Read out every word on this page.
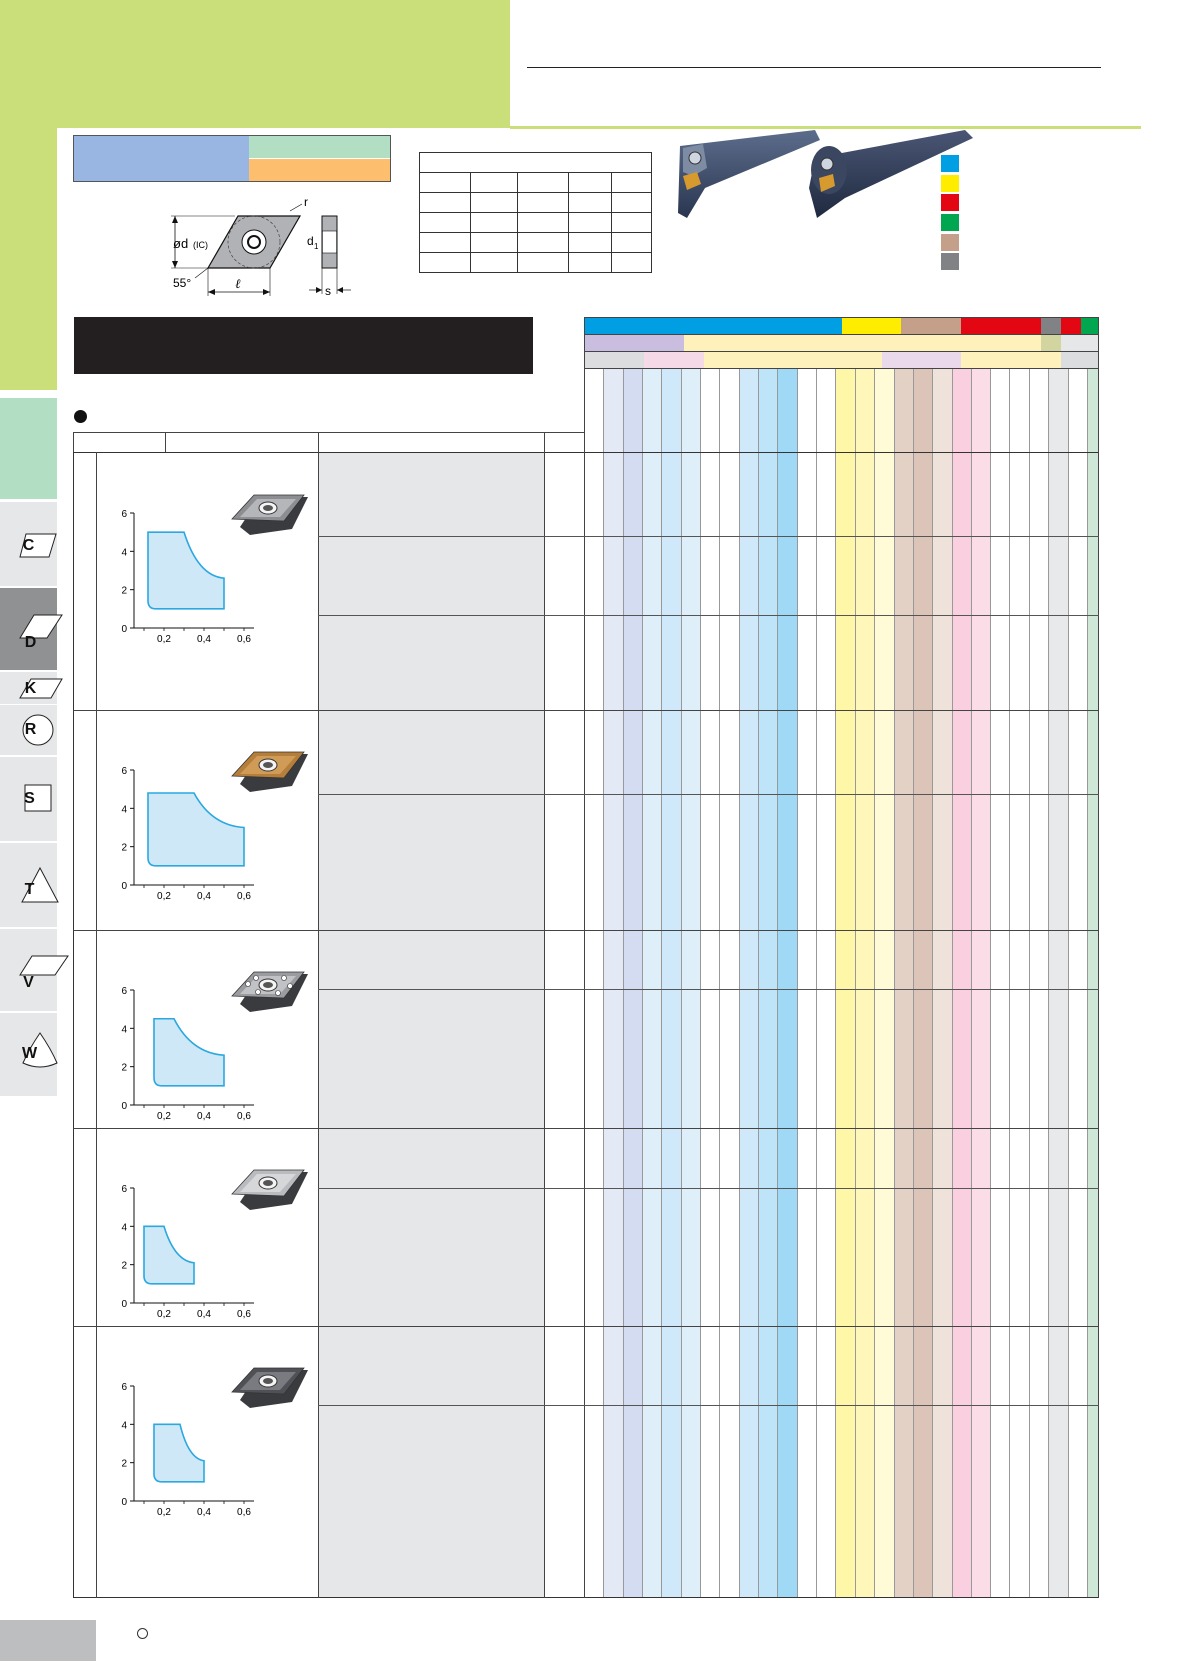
C
D
K
R
S
T
V
W
ød (IC)
r
d 1
55°	ℓ	s

0
2
4
6
0,2	0,4	0,6
0
2
4
6
0,2	0,4	0,6
0
2
4
6
0,2	0,4	0,6
0
2
4
6
0,2	0,4	0,6
0
2
4
6
0,2	0,4	0,6
